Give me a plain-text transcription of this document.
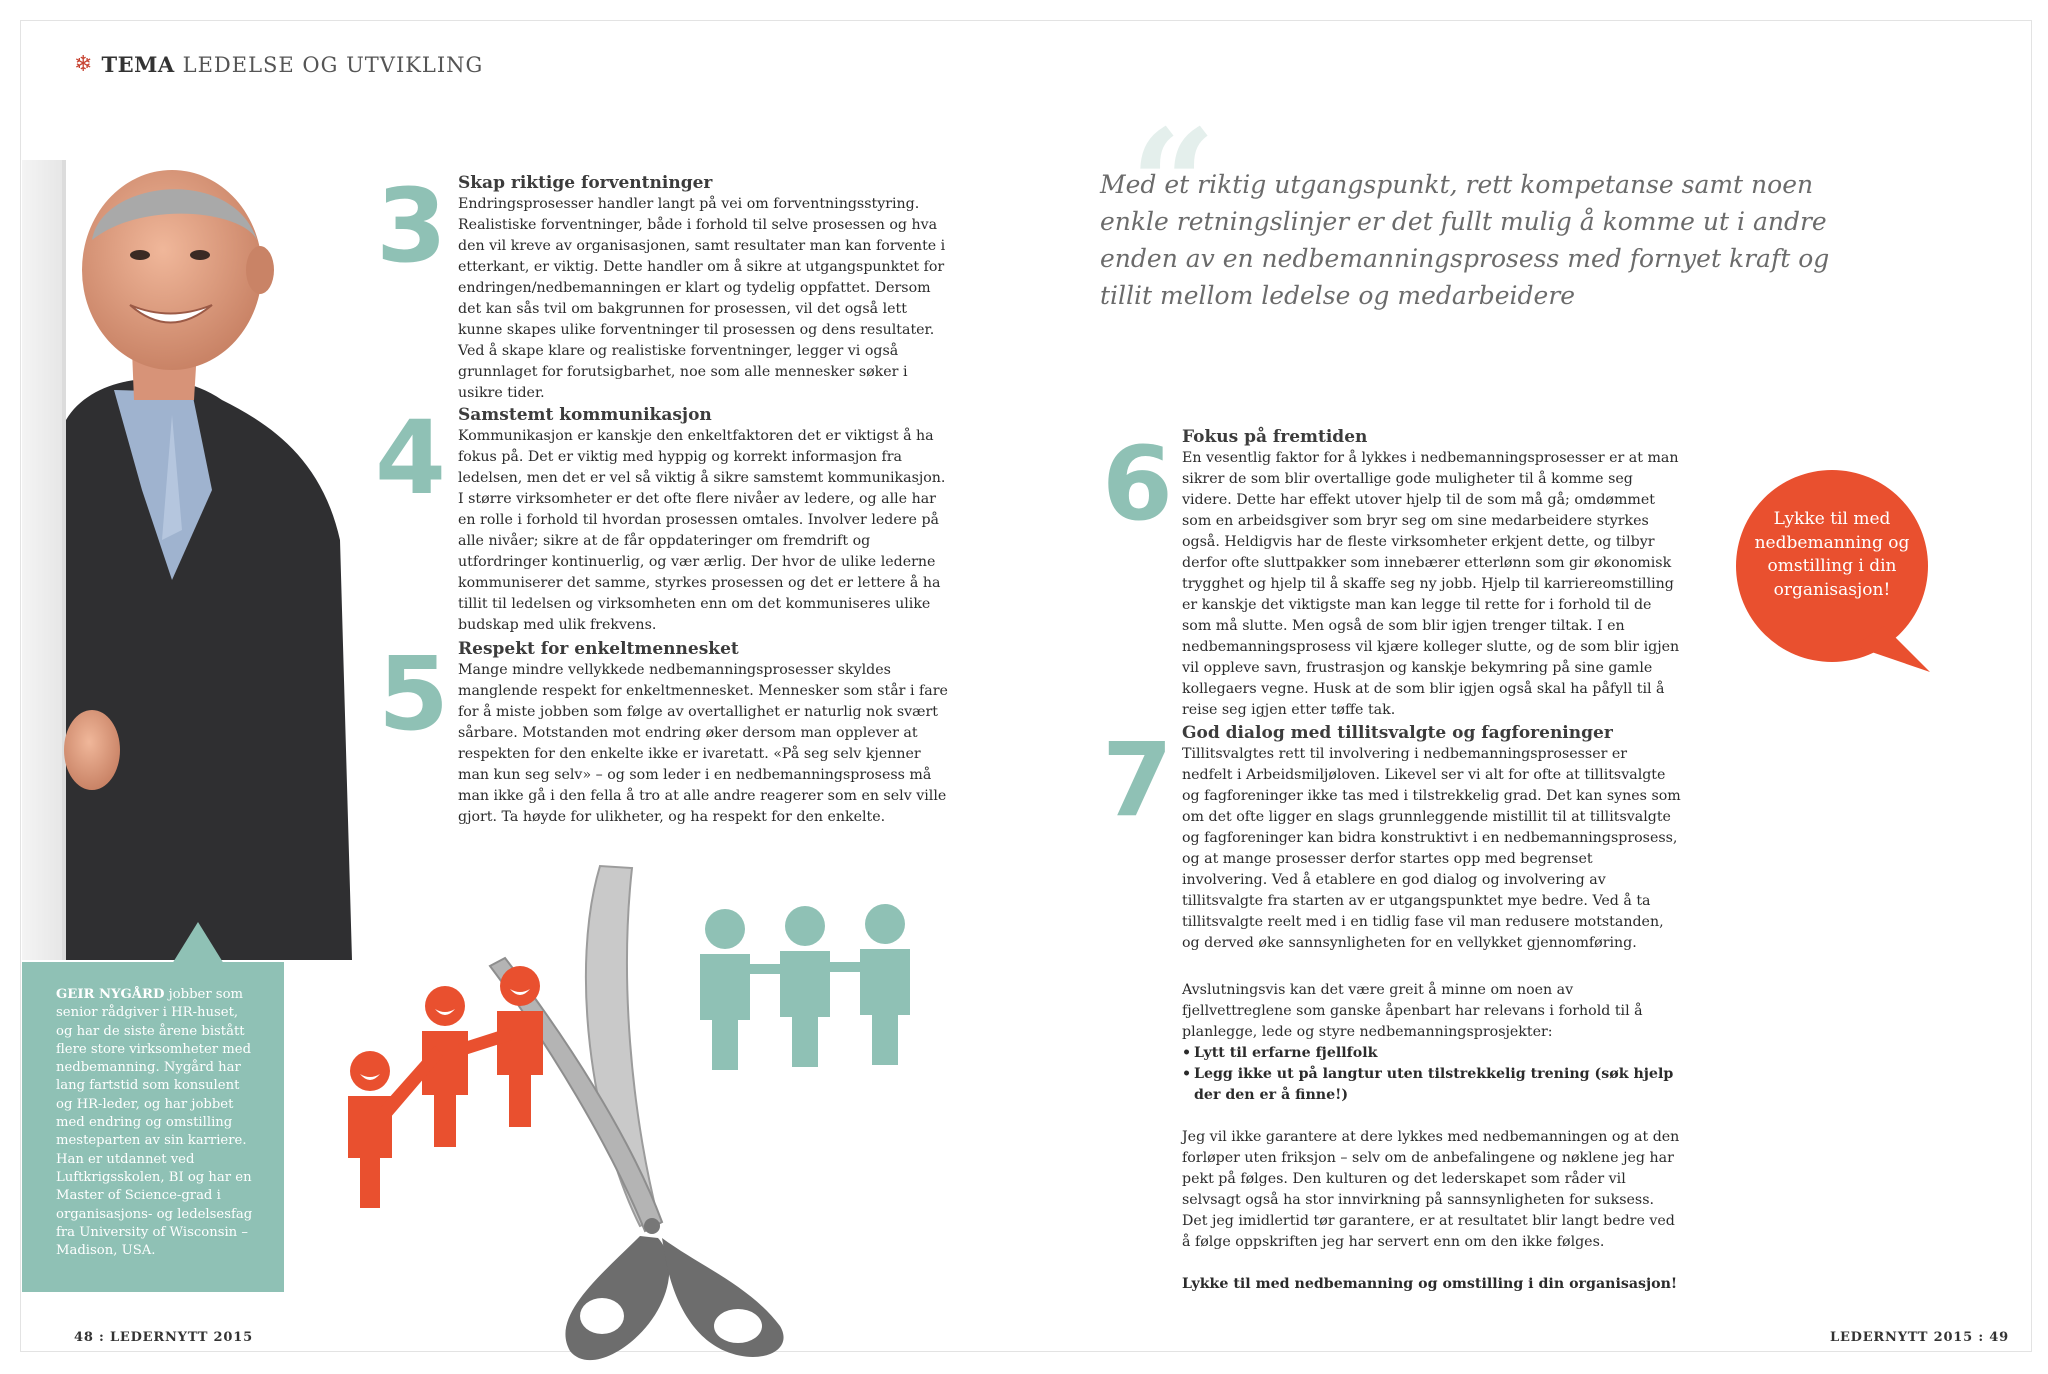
❄ TEMA LEDELSE OG UTVIKLING
GEIR NYGÅRD jobber som senior rådgiver i HR-huset, og har de siste årene bistått flere store virksomheter med nedbemanning. Nygård har lang fartstid som konsulent og HR-leder, og har jobbet med endring og omstilling mesteparten av sin karriere. Han er utdannet ved Luftkrigsskolen, BI og har en Master of Science-grad i organisasjons- og ledelsesfag fra University of Wisconsin – Madison, USA.
3 Skap riktige forventninger

Endringsprosesser handler langt på vei om forventningsstyring. Realistiske forventninger, både i forhold til selve prosessen og hva den vil kreve av organisasjonen, samt resultater man kan forvente i etterkant, er viktig. Dette handler om å sikre at utgangspunktet for endringen/nedbemanningen er klart og tydelig oppfattet. Dersom det kan sås tvil om bakgrunnen for prosessen, vil det også lett kunne skapes ulike forventninger til prosessen og dens resultater. Ved å skape klare og realistiske forventninger, legger vi også grunnlaget for forutsigbarhet, noe som alle mennesker søker i usikre tider.

4 Samstemt kommunikasjon

Kommunikasjon er kanskje den enkeltfaktoren det er viktigst å ha fokus på. Det er viktig med hyppig og korrekt informasjon fra ledelsen, men det er vel så viktig å sikre samstemt kommunikasjon. I større virksomheter er det ofte flere nivåer av ledere, og alle har en rolle i forhold til hvordan prosessen omtales. Involver ledere på alle nivåer; sikre at de får oppdateringer om fremdrift og utfordringer kontinuerlig, og vær ærlig. Der hvor de ulike lederne kommuniserer det samme, styrkes prosessen og det er lettere å ha tillit til ledelsen og virksomheten enn om det kommuniseres ulike budskap med ulik frekvens.

5 Respekt for enkeltmennesket

Mange mindre vellykkede nedbemanningsprosesser skyldes manglende respekt for enkeltmennesket. Mennesker som står i fare for å miste jobben som følge av overtallighet er naturlig nok svært sårbare. Motstanden mot endring øker dersom man opplever at respekten for den enkelte ikke er ivaretatt. «På seg selv kjenner man kun seg selv» – og som leder i en nedbemanningsprosess må man ikke gå i den fella å tro at alle andre reagerer som en selv ville gjort. Ta høyde for ulikheter, og ha respekt for den enkelte.

“
Med et riktig utgangspunkt, rett kompetanse samt noen enkle retningslinjer er det fullt mulig å komme ut i andre enden av en nedbemanningsprosess med fornyet kraft og tillit mellom ledelse og medarbeidere
Lykke til med nedbemanning og omstilling i din organisasjon!
6 Fokus på fremtiden

En vesentlig faktor for å lykkes i nedbemanningsprosesser er at man sikrer de som blir overtallige gode muligheter til å komme seg videre. Dette har effekt utover hjelp til de som må gå; omdømmet som en arbeidsgiver som bryr seg om sine medarbeidere styrkes også. Heldigvis har de fleste virksomheter erkjent dette, og tilbyr derfor ofte sluttpakker som innebærer etterlønn som gir økonomisk trygghet og hjelp til å skaffe seg ny jobb. Hjelp til karriereomstilling er kanskje det viktigste man kan legge til rette for i forhold til de som må slutte. Men også de som blir igjen trenger tiltak. I en nedbemanningsprosess vil kjære kolleger slutte, og de som blir igjen vil oppleve savn, frustrasjon og kanskje bekymring på sine gamle kollegaers vegne. Husk at de som blir igjen også skal ha påfyll til å reise seg igjen etter tøffe tak.

7 God dialog med tillitsvalgte og fagforeninger

Tillitsvalgtes rett til involvering i nedbemanningsprosesser er nedfelt i Arbeidsmiljøloven. Likevel ser vi alt for ofte at tillitsvalgte og fagforeninger ikke tas med i tilstrekkelig grad. Det kan synes som om det ofte ligger en slags grunnleggende mistillit til at tillitsvalgte og fagforeninger kan bidra konstruktivt i en nedbemanningsprosess, og at mange prosesser derfor startes opp med begrenset involvering. Ved å etablere en god dialog og involvering av tillitsvalgte fra starten av er utgangspunktet mye bedre. Ved å ta tillitsvalgte reelt med i en tidlig fase vil man redusere motstanden, og derved øke sannsynligheten for en vellykket gjennomføring.

Avslutningsvis kan det være greit å minne om noen av fjellvettreglene som ganske åpenbart har relevans i forhold til å planlegge, lede og styre nedbemanningsprosjekter:

• Lytt til erfarne fjellfolk
• Legg ikke ut på langtur uten tilstrekkelig trening (søk hjelp der den er å finne!)

Jeg vil ikke garantere at dere lykkes med nedbemanningen og at den forløper uten friksjon – selv om de anbefalingene og nøklene jeg har pekt på følges. Den kulturen og det lederskapet som råder vil selvsagt også ha stor innvirkning på sannsynligheten for suksess. Det jeg imidlertid tør garantere, er at resultatet blir langt bedre ved å følge oppskriften jeg har servert enn om den ikke følges.

Lykke til med nedbemanning og omstilling i din organisasjon!

48 : LEDERNYTT 2015	LEDERNYTT 2015 : 49
